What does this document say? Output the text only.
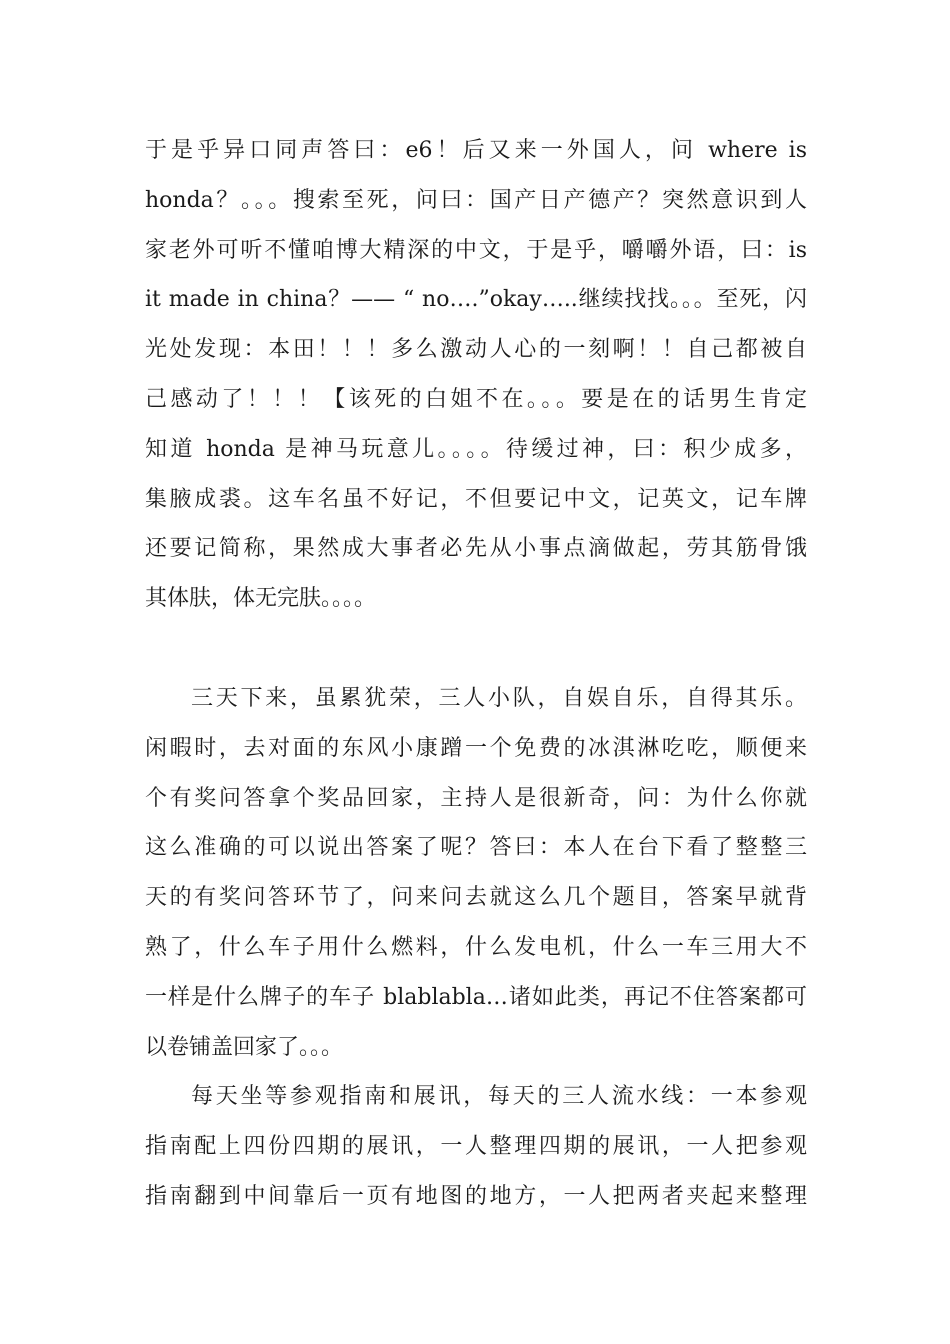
于是乎异口同声答曰：e6！后又来一外国人，问 where is
honda？。。。搜索至死，问曰：国产日产德产？突然意识到人
家老外可听不懂咱博大精深的中文，于是乎，嚼嚼外语，曰：is
it made in china？—— “ no….”okay…..继续找找。。。至死，闪
光处发现：本田！！！多么激动人心的一刻啊！！自己都被自
己感动了！！！【该死的白姐不在。。。要是在的话男生肯定
知道 honda 是神马玩意儿。。。。待缓过神，曰：积少成多，
集腋成裘。这车名虽不好记，不但要记中文，记英文，记车牌
还要记简称，果然成大事者必先从小事点滴做起，劳其筋骨饿
其体肤，体无完肤。。。。
三天下来，虽累犹荣，三人小队，自娱自乐，自得其乐。
闲暇时，去对面的东风小康蹭一个免费的冰淇淋吃吃，顺便来
个有奖问答拿个奖品回家，主持人是很新奇，问：为什么你就
这么准确的可以说出答案了呢？答曰：本人在台下看了整整三
天的有奖问答环节了，问来问去就这么几个题目，答案早就背
熟了，什么车子用什么燃料，什么发电机，什么一车三用大不
一样是什么牌子的车子 blablabla…诸如此类，再记不住答案都可
以卷铺盖回家了。。。
每天坐等参观指南和展讯，每天的三人流水线：一本参观
指南配上四份四期的展讯，一人整理四期的展讯，一人把参观
指南翻到中间靠后一页有地图的地方，一人把两者夹起来整理
